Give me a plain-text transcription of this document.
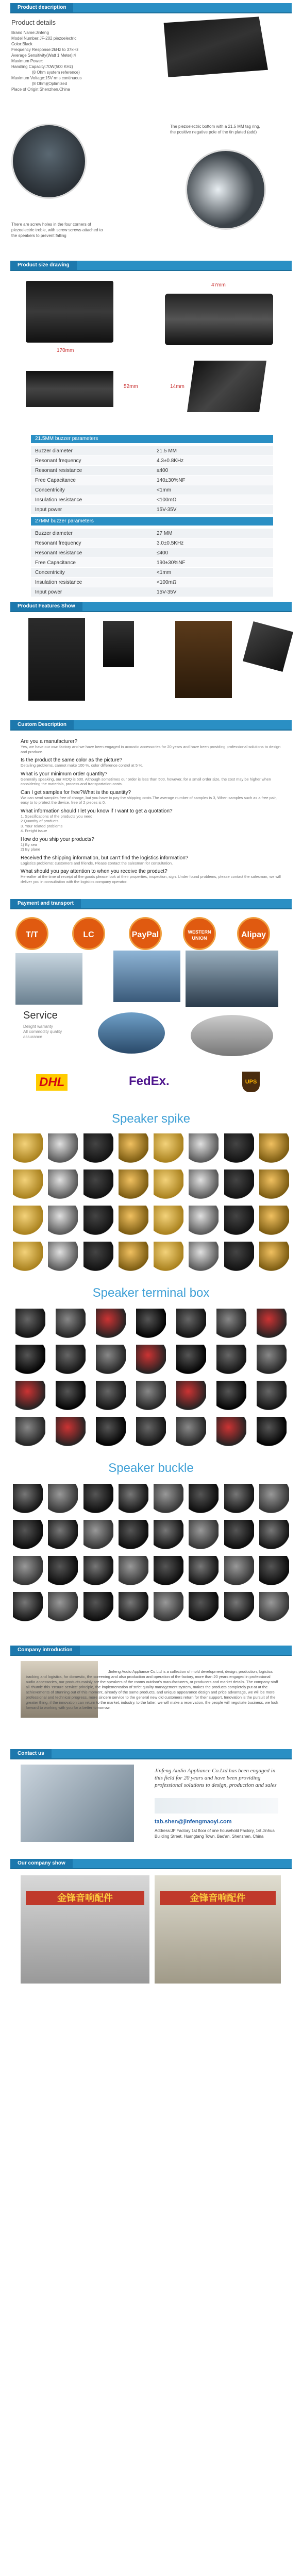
Product description
Product details
Brand Name:Jinfeng
Model Number:JF-202 piezoelectric
Color:Black
Frequency Response:2kHz to 37kHz
Average Sensitivity(Watt 1 Meter):4
Maximum Power:
Handling Capacity:70W(500 KHz)
(8 Ohm system reference)
Maximum Voltage:15V rms continuous
(8 Ohm)(Optimized
Place of Origin:Shenzhen,China
The piezoelectric bottom with a 21.5 MM tag ring, the positive negative pole of the tin plated (add)
There are screw holes in the four corners of piezoelectric treble, with screw screws attached to the speakers to prevent falling
Product size drawing
170mm
47mm
52mm	14mm
21.5MM buzzer parameters
Buzzer diameter	21.5 MM
Resonant frequency	4.3±0.8KHz
Resonant resistance	≤400
Free Capacitance	140±30%NF
Concentricity	<1mm
Insulation resistance	<100mΩ
Input power	15V-35V
27MM buzzer parameters
Buzzer diameter	27 MM
Resonant frequency	3.0±0.5KHz
Resonant resistance	≤400
Free Capacitance	190±30%NF
Concentricity	<1mm
Insulation resistance	<100mΩ
Input power	15V-35V
Product Features Show
Custom Description
Are you a manufacturer?
Yes, we have our own factory and we have been engaged in acoustic accessories for 20 years and have been providing professional solutions to design and produce.
Is the product the same color as the picture?
Detailing problems, cannot make 100 %, color difference control at 5 %.
What is your minimum order quantity?
Generally speaking, our MOQ is 500. Although sometimes our order is less than 500, however, for a small order size, the cost may be higher when considering the materials, process and transportation costs.
Can I get samples for free?What is the quantity?
We can send samples free of charge, but you have to pay the shipping costs.The average number of samples is 3, When samples such as a free pair, easy to to protect the device, free of 2 pieces is 0.
What information should I let you know if I want to get a quotation?
1. Specifications of the products you need
2.Quantity of products
3. Your related problems
4. Freight issue
How do you ship your products?
1) By sea
2) By plane
Received the shipping information, but can't find the logistics information?
Logistics problems: customers and friends, Please contact the salesman for consultation.
What should you pay attention to when you receive the product?
Hereafter at the time of receipt of the goods please look at their properties, inspection, sign. Under found problems, please contact the salesman, we will deliver you in consultation with the logistics company operator.
Payment and transport
T/T	LC	PayPal	WESTERN UNION	Alipay
Service
Delight warranty
All commodity quality
assurance
DHL	FedEx.	UPS
Speaker spike
Speaker terminal box
Speaker buckle
Company introduction
Jinfeng Audio Appliance Co.Ltd is a collection of mold development, design, production, logistics tracking and logistics, for domestic, the screening and also production and operation of the factory, more than 20 years engaged in professional audio accessories, our products mainly are the speakers of the rooms outdoor's manufacturers, or producers and market details. The company staff all 'thumb' this 'ensure service' principle, the implementation of strict quality management system, makes the products completely put at at the achievements of stunning out of this moment, already of the same products, and unique appearance design and price advantage, we will be more professional and technical progress, more sincere service to the general new old customers return for their support, Innovation is the pursuit of the greater thing, if the innovation can return to the market, industry, to the latter, we will make a reservation, the people will negotiate business, we look forward to working with you for a better tomorrow.
Contact us
Jinfeng Audio Appliance Co.Ltd has been engaged in this field for 20 years and have been providing professional solutions to design, production and sales
tab.shen@jinfengmaoyi.com
Address:JF Factory 1st floor of one household Factory, 1st Jinhua Building Street, Huangtang Town, Bao'an, Shenzhen, China
Our company show
金锋音响配件	金锋音响配件
